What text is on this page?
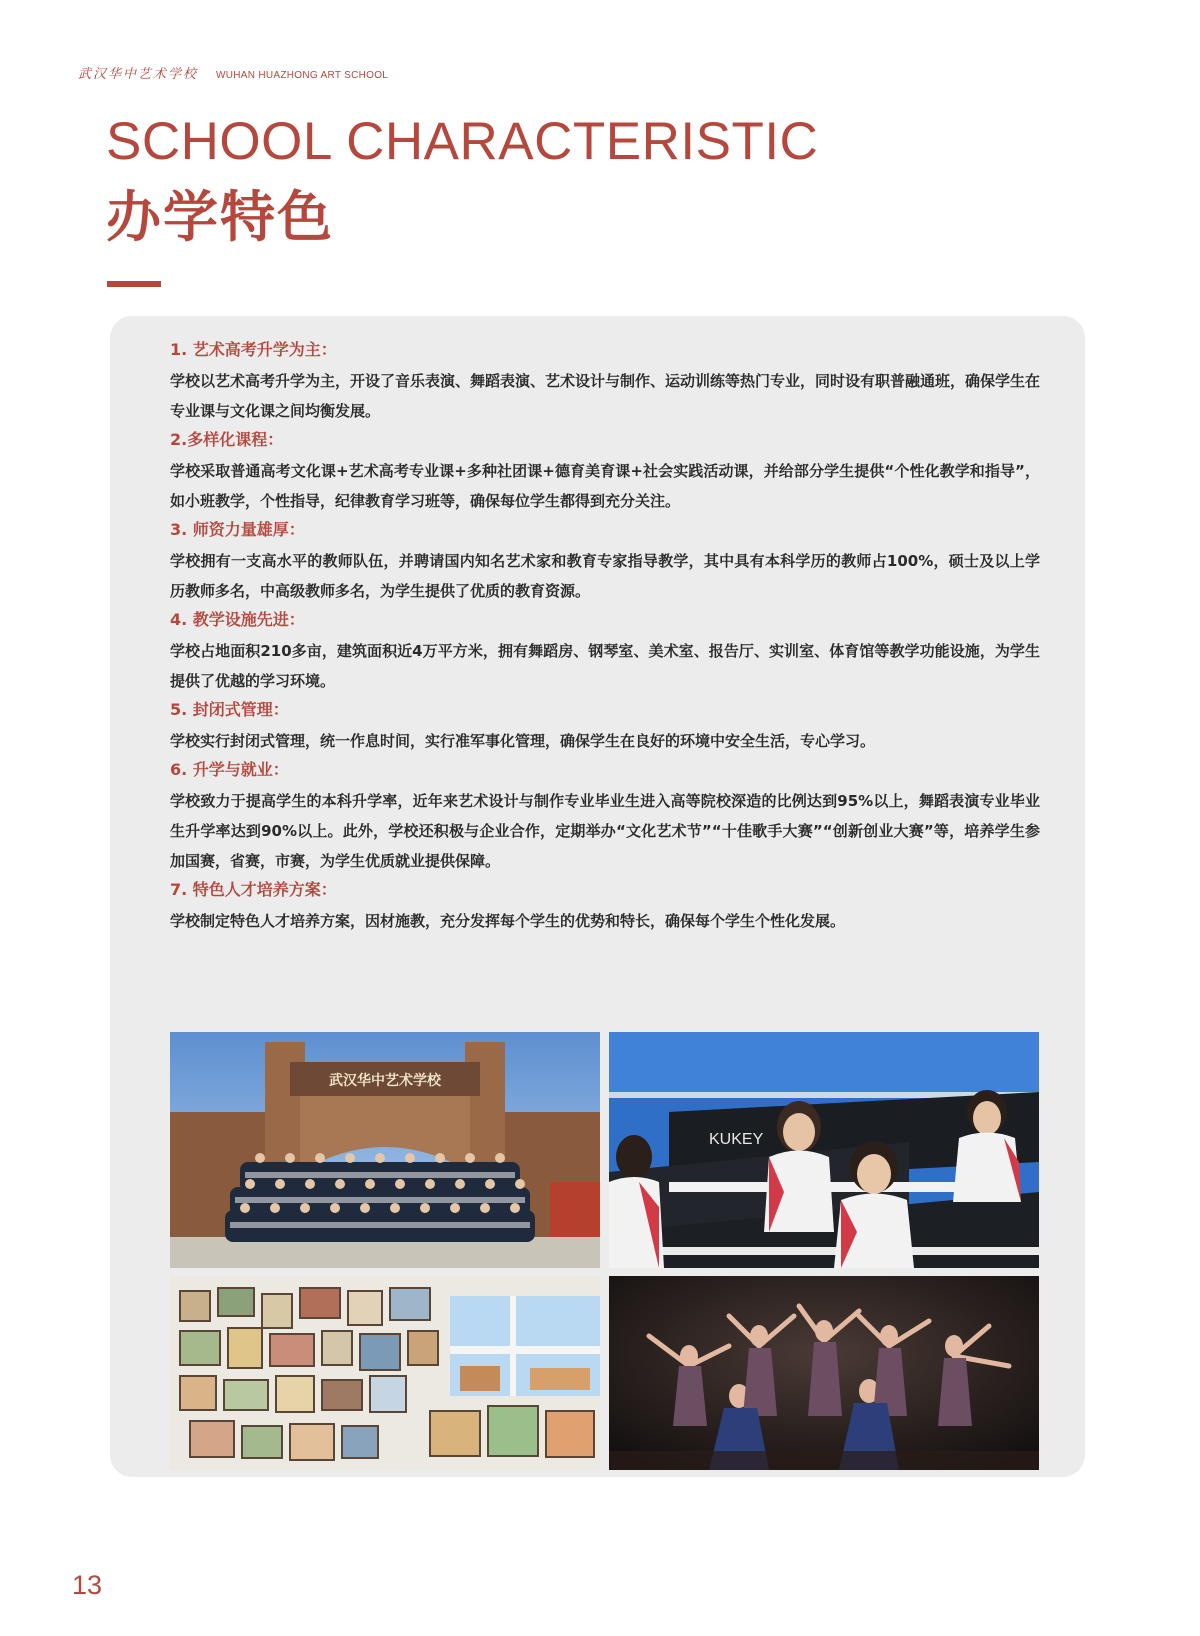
武汉华中艺术学校 WUHAN HUAZHONG ART SCHOOL
SCHOOL CHARACTERISTIC
办学特色
1. 艺术高考升学为主：
学校以艺术高考升学为主，开设了音乐表演、舞蹈表演、艺术设计与制作、运动训练等热门专业，同时设有职普融通班，确保学生在专业课与文化课之间均衡发展。
2.多样化课程：
学校采取普通高考文化课+艺术高考专业课+多种社团课+德育美育课+社会实践活动课，并给部分学生提供“个性化教学和指导”，如小班教学，个性指导，纪律教育学习班等，确保每位学生都得到充分关注。
3. 师资力量雄厚：
学校拥有一支高水平的教师队伍，并聘请国内知名艺术家和教育专家指导教学，其中具有本科学历的教师占100%，硕士及以上学历教师多名，中高级教师多名，为学生提供了优质的教育资源。
4. 教学设施先进：
学校占地面积210多亩，建筑面积近4万平方米，拥有舞蹈房、钢琴室、美术室、报告厅、实训室、体育馆等教学功能设施，为学生提供了优越的学习环境。
5. 封闭式管理：
学校实行封闭式管理，统一作息时间，实行准军事化管理，确保学生在良好的环境中安全生活，专心学习。
6. 升学与就业：
学校致力于提高学生的本科升学率，近年来艺术设计与制作专业毕业生进入高等院校深造的比例达到95%以上，舞蹈表演专业毕业生升学率达到90%以上。此外，学校还积极与企业合作，定期举办“文化艺术节”“十佳歌手大赛”“创新创业大赛”等，培养学生参加国赛，省赛，市赛，为学生优质就业提供保障。
7. 特色人才培养方案：
学校制定特色人才培养方案，因材施教，充分发挥每个学生的优势和特长，确保每个学生个性化发展。
武汉华中艺术学校
KUKEY
13
